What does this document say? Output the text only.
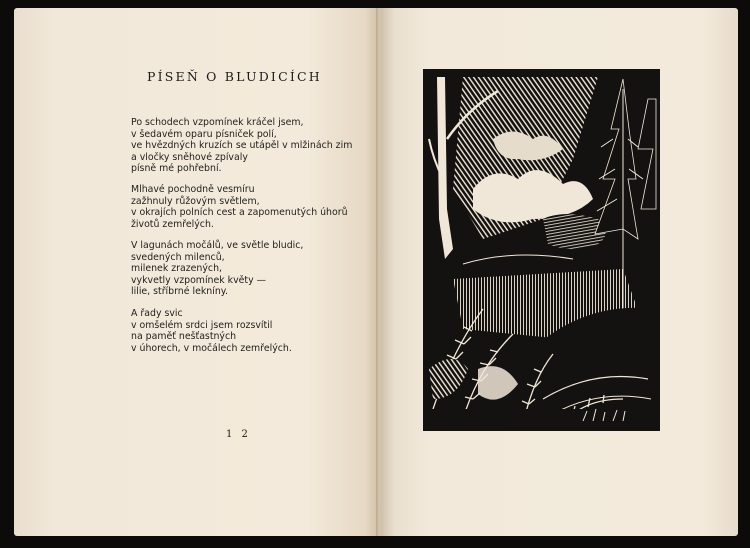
PÍSEŇ O BLUDICÍCH
Po schodech vzpomínek kráčel jsem,
v šedavém oparu písniček polí,
ve hvězdných kruzích se utápěl v mlžinách zim
a vločky sněhové zpívaly
písně mé pohřební.
Mlhavé pochodně vesmíru
zažhnuly růžovým světlem,
v okrajích polních cest a zapomenutých úhorů
životů zemřelých.
V lagunách močálů, ve světle bludic,
svedených milenců,
milenek zrazených,
vykvetly vzpomínek květy —
lilie, stříbrné lekníny.
A řady svic
v omšelém srdci jsem rozsvítil
na paměť nešťastných
v úhorech, v močálech zemřelých.
1 2
